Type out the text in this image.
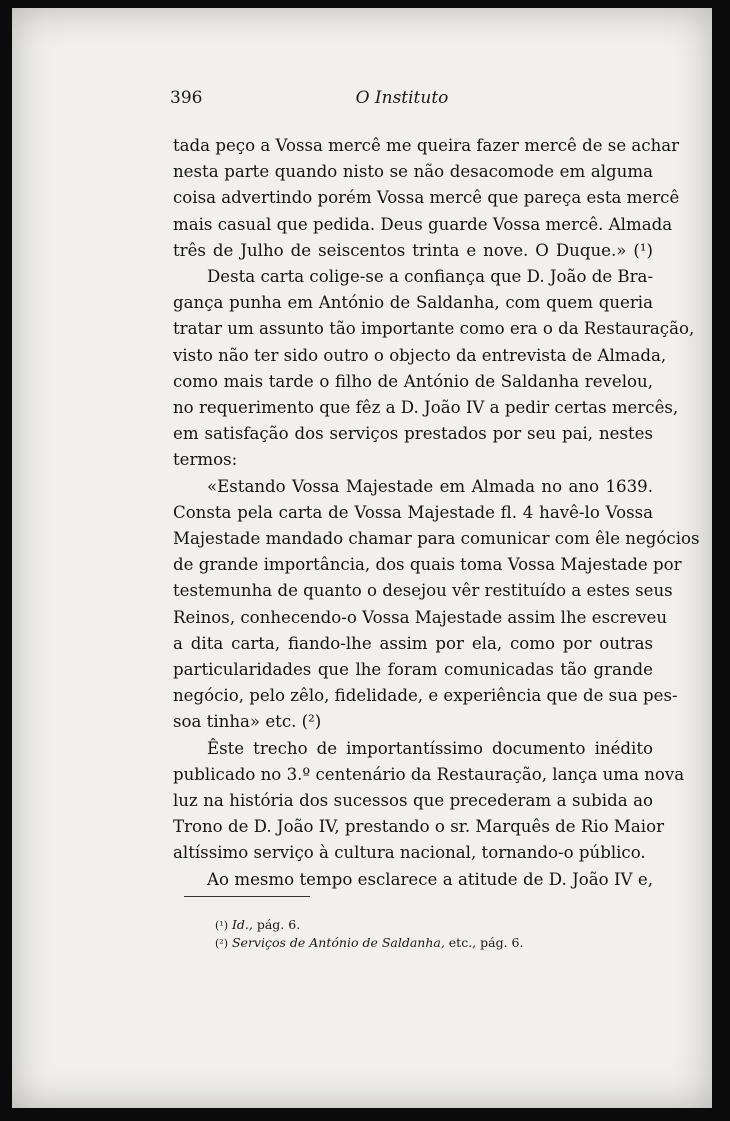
396	O Instituto
tada peço a Vossa mercê me queira fazer mercê de se achar
nesta parte quando nisto se não desacomode em alguma
coisa advertindo porém Vossa mercê que pareça esta mercê
mais casual que pedida. Deus guarde Vossa mercê. Almada
três de Julho de seiscentos trinta e nove. O Duque.» (¹)
Desta carta colige-se a confiança que D. João de Bra-
gança punha em António de Saldanha, com quem queria
tratar um assunto tão importante como era o da Restauração,
visto não ter sido outro o objecto da entrevista de Almada,
como mais tarde o filho de António de Saldanha revelou,
no requerimento que fêz a D. João IV a pedir certas mercês,
em satisfação dos serviços prestados por seu pai, nestes
termos:
«Estando Vossa Majestade em Almada no ano 1639.
Consta pela carta de Vossa Majestade fl. 4 havê-lo Vossa
Majestade mandado chamar para comunicar com êle negócios
de grande importância, dos quais toma Vossa Majestade por
testemunha de quanto o desejou vêr restituído a estes seus
Reinos, conhecendo-o Vossa Majestade assim lhe escreveu
a dita carta, fiando-lhe assim por ela, como por outras
particularidades que lhe foram comunicadas tão grande
negócio, pelo zêlo, fidelidade, e experiência que de sua pes-
soa tinha» etc. (²)
Êste trecho de importantíssimo documento inédito
publicado no 3.º centenário da Restauração, lança uma nova
luz na história dos sucessos que precederam a subida ao
Trono de D. João IV, prestando o sr. Marquês de Rio Maior
altíssimo serviço à cultura nacional, tornando-o público.
Ao mesmo tempo esclarece a atitude de D. João IV e,
(¹) Id., pág. 6.
(²) Serviços de António de Saldanha, etc., pág. 6.
